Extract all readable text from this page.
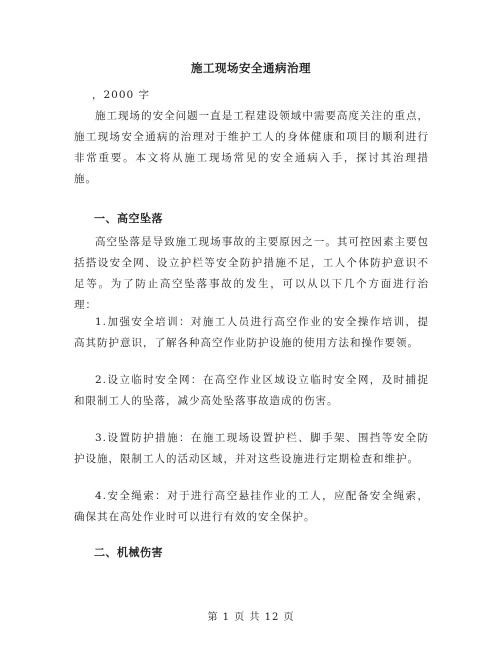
施工现场安全通病治理

，2000 字

施工现场的安全问题一直是工程建设领域中需要高度关注的重点，施工现场安全通病的治理对于维护工人的身体健康和项目的顺利进行非常重要。本文将从施工现场常见的安全通病入手，探讨其治理措施。

一、高空坠落

高空坠落是导致施工现场事故的主要原因之一。其可控因素主要包括搭设安全网、设立护栏等安全防护措施不足，工人个体防护意识不足等。为了防止高空坠落事故的发生，可以从以下几个方面进行治理：

1.加强安全培训：对施工人员进行高空作业的安全操作培训，提高其防护意识，了解各种高空作业防护设施的使用方法和操作要领。

2.设立临时安全网：在高空作业区域设立临时安全网，及时捕捉和限制工人的坠落，减少高处坠落事故造成的伤害。

3.设置防护措施：在施工现场设置护栏、脚手架、围挡等安全防护设施，限制工人的活动区域，并对这些设施进行定期检查和维护。

4.安全绳索：对于进行高空悬挂作业的工人，应配备安全绳索，确保其在高处作业时可以进行有效的安全保护。

二、机械伤害

第 1 页 共 12 页
